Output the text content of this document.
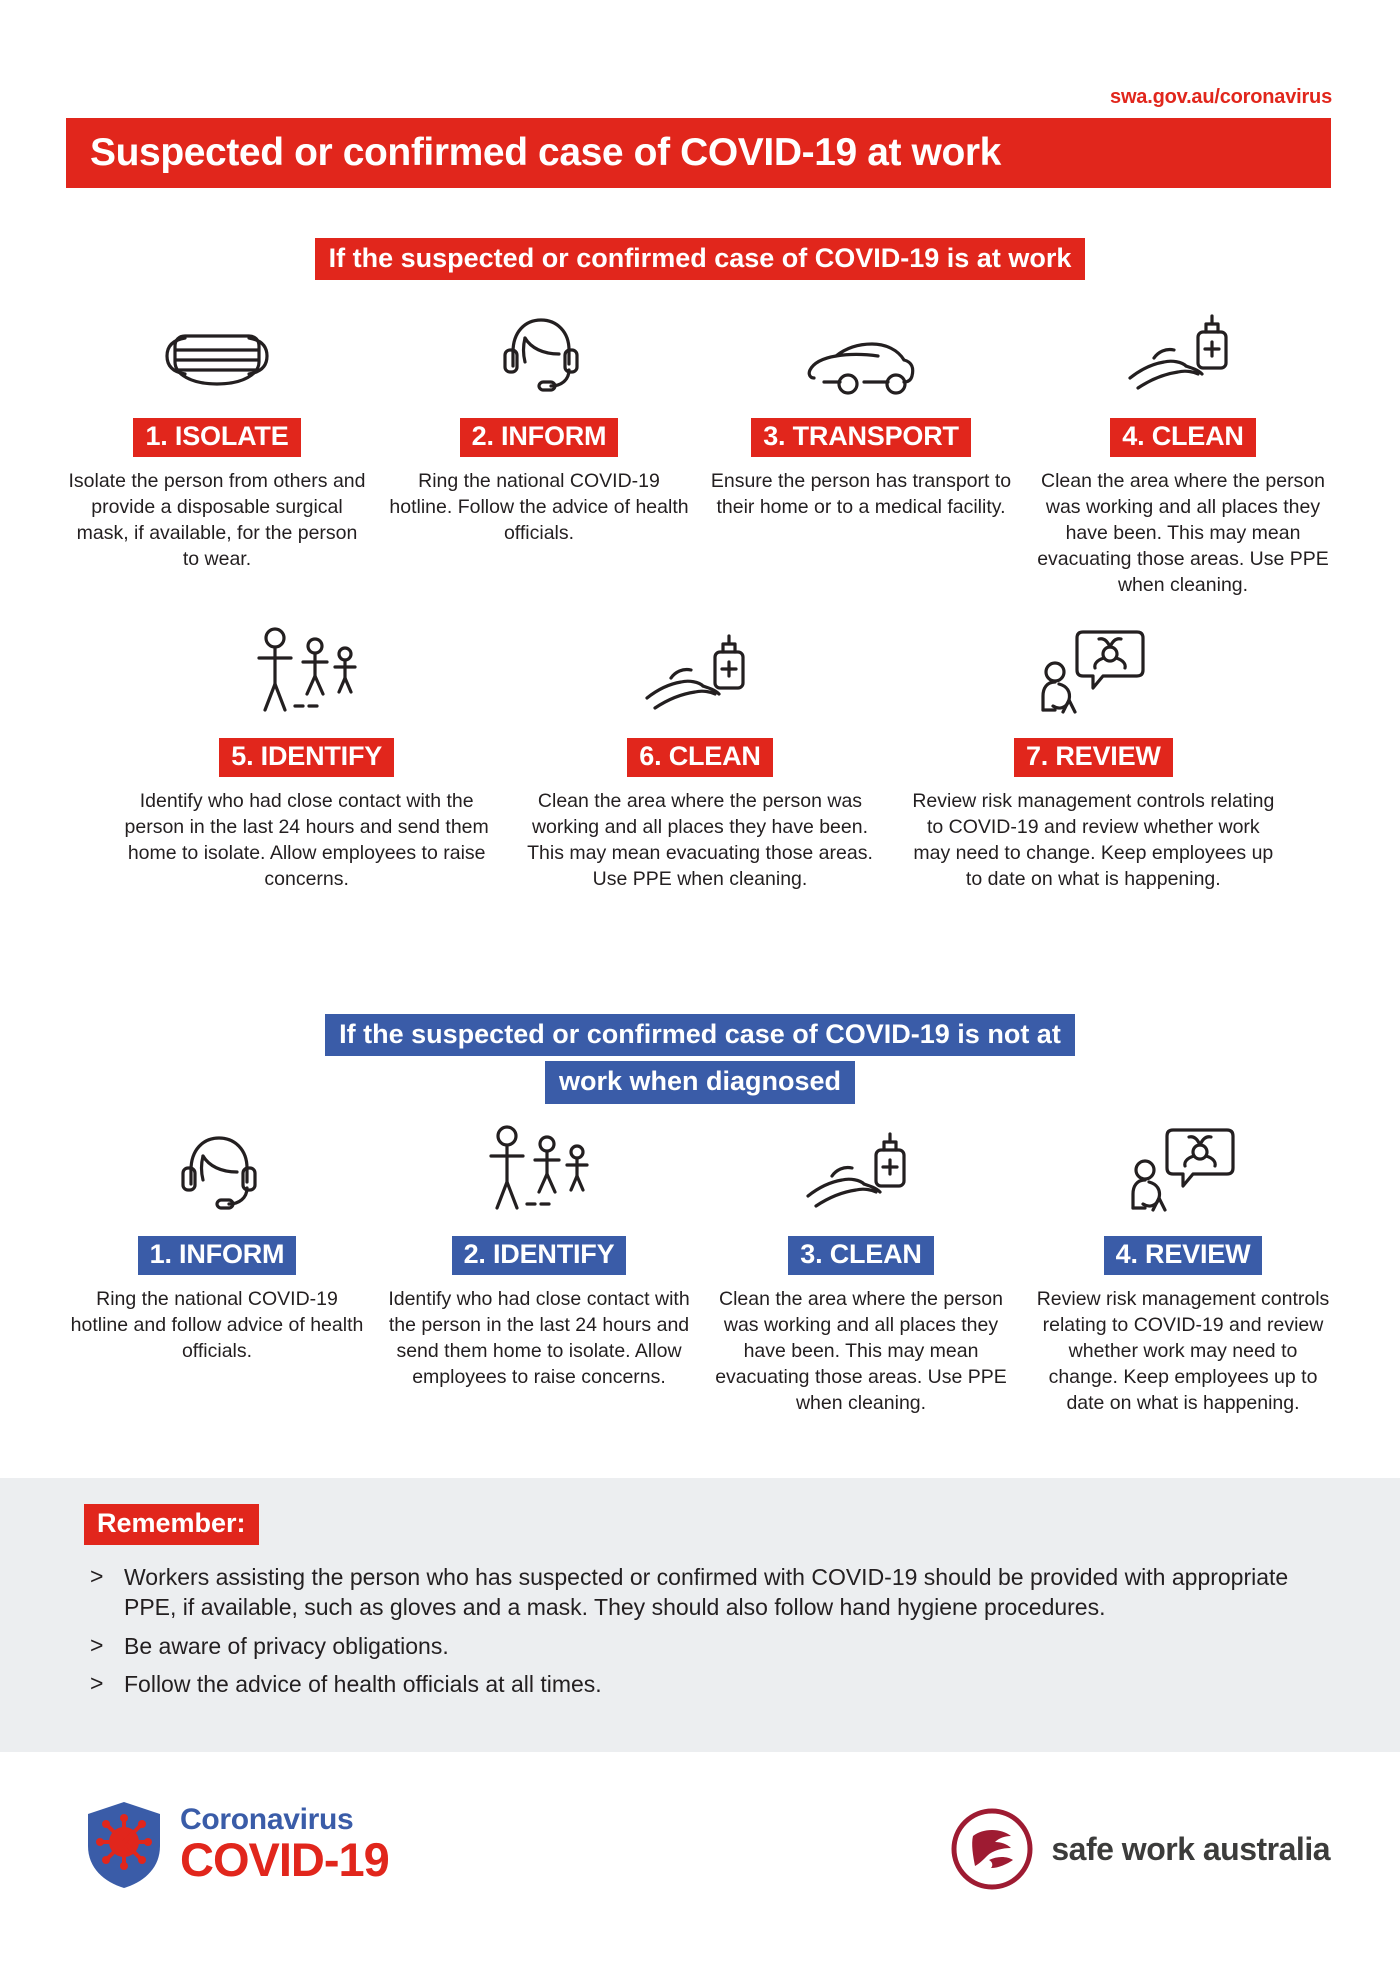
swa.gov.au/coronavirus
Suspected or confirmed case of COVID-19 at work
If the suspected or confirmed case of COVID-19 is at work
1. ISOLATE
Isolate the person from others and provide a disposable surgical mask, if available, for the person to wear.
2. INFORM
Ring the national COVID-19 hotline. Follow the advice of health officials.
3. TRANSPORT
Ensure the person has transport to their home or to a medical facility.
4. CLEAN
Clean the area where the person was working and all places they have been. This may mean evacuating those areas. Use PPE when cleaning.
5. IDENTIFY
Identify who had close contact with the person in the last 24 hours and send them home to isolate. Allow employees to raise concerns.
6. CLEAN
Clean the area where the person was working and all places they have been. This may mean evacuating those areas. Use PPE when cleaning.
7. REVIEW
Review risk management controls relating to COVID-19 and review whether work may need to change. Keep employees up to date on what is happening.
If the suspected or confirmed case of COVID-19 is not at
work when diagnosed
1. INFORM
Ring the national COVID-19 hotline and follow advice of health officials.
2. IDENTIFY
Identify who had close contact with the person in the last 24 hours and send them home to isolate. Allow employees to raise concerns.
3. CLEAN
Clean the area where the person was working and all places they have been. This may mean evacuating those areas. Use PPE when cleaning.
4. REVIEW
Review risk management controls relating to COVID-19 and review whether work may need to change. Keep employees up to date on what is happening.
Remember:
> Workers assisting the person who has suspected or confirmed with COVID-19 should be provided with appropriate PPE, if available, such as gloves and a mask. They should also follow hand hygiene procedures.
> Be aware of privacy obligations.
> Follow the advice of health officials at all times.
Coronavirus
COVID-19	safe work australia
